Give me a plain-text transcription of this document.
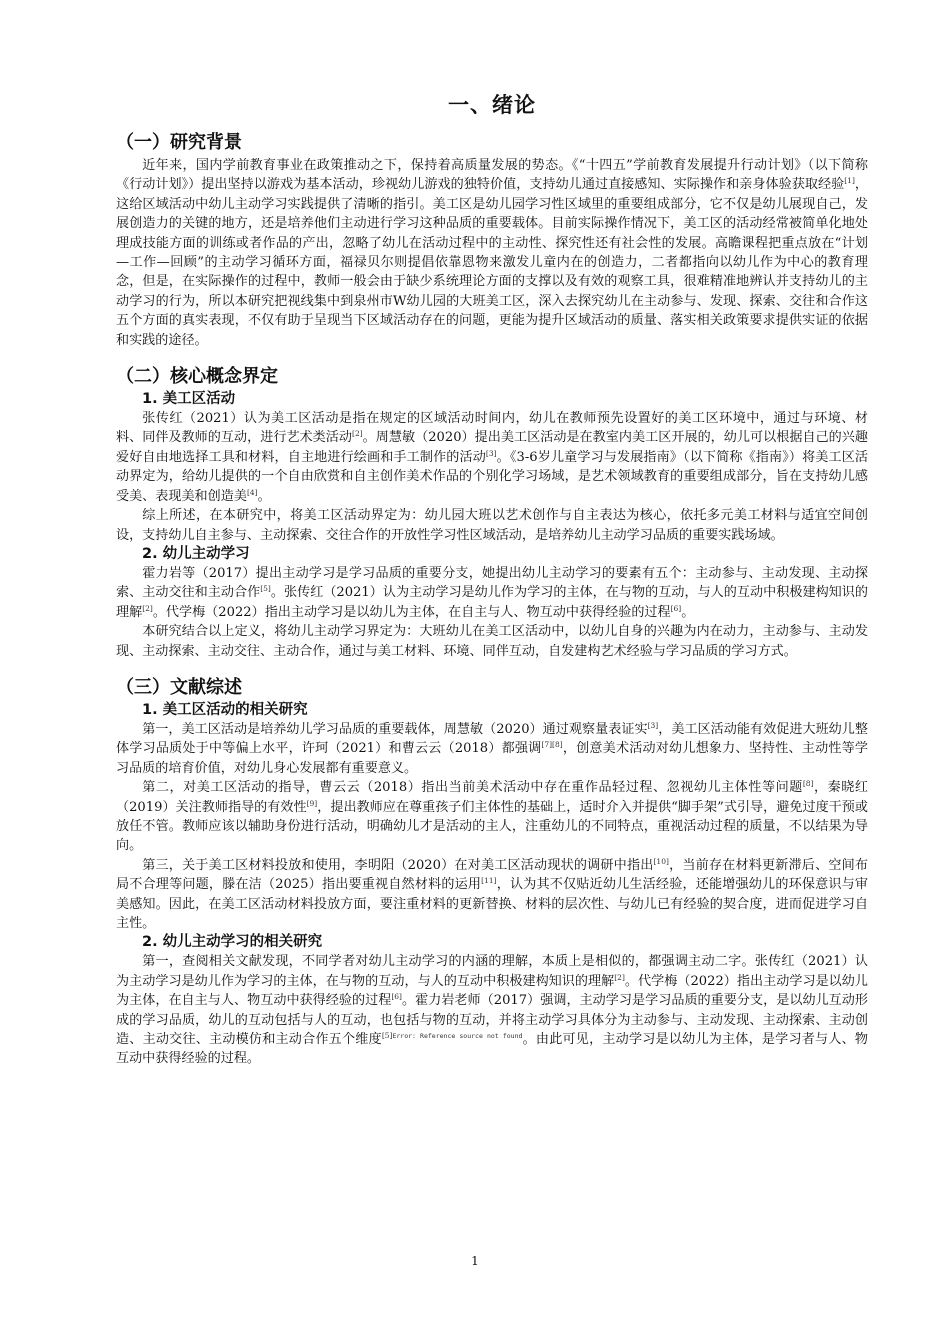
一、绪论
（一）研究背景

近年来，国内学前教育事业在政策推动之下，保持着高质量发展的势态。《“十四五”学前教育发展提升行动计划》（以下简称《行动计划》）提出坚持以游戏为基本活动，珍视幼儿游戏的独特价值，支持幼儿通过直接感知、实际操作和亲身体验获取经验[1]，这给区域活动中幼儿主动学习实践提供了清晰的指引。美工区是幼儿园学习性区域里的重要组成部分，它不仅是幼儿展现自己，发展创造力的关键的地方，还是培养他们主动进行学习这种品质的重要载体。目前实际操作情况下，美工区的活动经常被简单化地处理成技能方面的训练或者作品的产出，忽略了幼儿在活动过程中的主动性、探究性还有社会性的发展。高瞻课程把重点放在“计划—工作—回顾”的主动学习循环方面，福禄贝尔则提倡依靠恩物来激发儿童内在的创造力，二者都指向以幼儿作为中心的教育理念，但是，在实际操作的过程中，教师一般会由于缺少系统理论方面的支撑以及有效的观察工具，很难精准地辨认并支持幼儿的主动学习的行为，所以本研究把视线集中到泉州市W幼儿园的大班美工区，深入去探究幼儿在主动参与、发现、探索、交往和合作这五个方面的真实表现，不仅有助于呈现当下区域活动存在的问题，更能为提升区域活动的质量、落实相关政策要求提供实证的依据和实践的途径。

（二）核心概念界定
1. 美工区活动

张传红（2021）认为美工区活动是指在规定的区域活动时间内，幼儿在教师预先设置好的美工区环境中，通过与环境、材料、同伴及教师的互动，进行艺术类活动[2]。周慧敏（2020）提出美工区活动是在教室内美工区开展的，幼儿可以根据自己的兴趣爱好自由地选择工具和材料，自主地进行绘画和手工制作的活动[3]。《3-6岁儿童学习与发展指南》（以下简称《指南》）将美工区活动界定为，给幼儿提供的一个自由欣赏和自主创作美术作品的个别化学习场域，是艺术领域教育的重要组成部分，旨在支持幼儿感受美、表现美和创造美[4]。

综上所述，在本研究中，将美工区活动界定为：幼儿园大班以艺术创作与自主表达为核心，依托多元美工材料与适宜空间创设，支持幼儿自主参与、主动探索、交往合作的开放性学习性区域活动，是培养幼儿主动学习品质的重要实践场域。

2. 幼儿主动学习

霍力岩等（2017）提出主动学习是学习品质的重要分支，她提出幼儿主动学习的要素有五个：主动参与、主动发现、主动探索、主动交往和主动合作[5]。张传红（2021）认为主动学习是幼儿作为学习的主体，在与物的互动，与人的互动中积极建构知识的理解[2]。代学梅（2022）指出主动学习是以幼儿为主体，在自主与人、物互动中获得经验的过程[6]。

本研究结合以上定义，将幼儿主动学习界定为：大班幼儿在美工区活动中，以幼儿自身的兴趣为内在动力，主动参与、主动发现、主动探索、主动交往、主动合作，通过与美工材料、环境、同伴互动，自发建构艺术经验与学习品质的学习方式。

（三）文献综述
1. 美工区活动的相关研究

第一，美工区活动是培养幼儿学习品质的重要载体，周慧敏（2020）通过观察量表证实[3]，美工区活动能有效促进大班幼儿整体学习品质处于中等偏上水平，许珂（2021）和曹云云（2018）都强调[7][8]，创意美术活动对幼儿想象力、坚持性、主动性等学习品质的培育价值，对幼儿身心发展都有重要意义。

第二，对美工区活动的指导，曹云云（2018）指出当前美术活动中存在重作品轻过程、忽视幼儿主体性等问题[8]，秦晓红（2019）关注教师指导的有效性[9]，提出教师应在尊重孩子们主体性的基础上，适时介入并提供“脚手架”式引导，避免过度干预或放任不管。教师应该以辅助身份进行活动，明确幼儿才是活动的主人，注重幼儿的不同特点，重视活动过程的质量，不以结果为导向。

第三，关于美工区材料投放和使用，李明阳（2020）在对美工区活动现状的调研中指出[10]，当前存在材料更新滞后、空间布局不合理等问题，滕在洁（2025）指出要重视自然材料的运用[11]，认为其不仅贴近幼儿生活经验，还能增强幼儿的环保意识与审美感知。因此，在美工区活动材料投放方面，要注重材料的更新替换、材料的层次性、与幼儿已有经验的契合度，进而促进学习自主性。

2. 幼儿主动学习的相关研究

第一，查阅相关文献发现，不同学者对幼儿主动学习的内涵的理解，本质上是相似的，都强调主动二字。张传红（2021）认为主动学习是幼儿作为学习的主体，在与物的互动，与人的互动中积极建构知识的理解[2]。代学梅（2022）指出主动学习是以幼儿为主体，在自主与人、物互动中获得经验的过程[6]。霍力岩老师（2017）强调，主动学习是学习品质的重要分支，是以幼儿互动形成的学习品质，幼儿的互动包括与人的互动，也包括与物的互动，并将主动学习具体分为主动参与、主动发现、主动探索、主动创造、主动交往、主动模仿和主动合作五个维度$^{[5]Error: Reference source not found}$。由此可见，主动学习是以幼儿为主体，是学习者与人、物互动中获得经验的过程。

1
